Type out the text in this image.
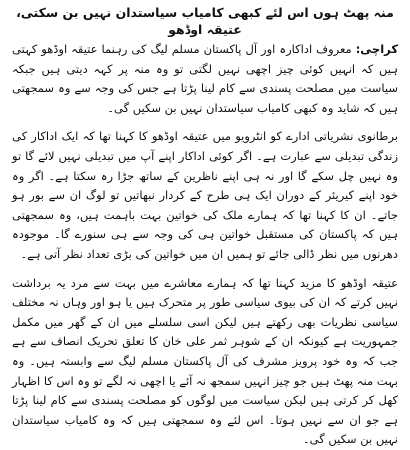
منہ پھٹ ہوں اس لئے کبھی کامیاب سیاستدان نہیں بن سکتی، عتیقہ اوڈھو

کراچی: معروف اداکارہ اور آل پاکستان مسلم لیگ کی رہنما عتیقہ اوڈھو کہتی ہیں کہ انہیں کوئی چیز اچھی نہیں لگتی تو وہ منہ پر کہہ دیتی ہیں جبکہ سیاست میں مصلحت پسندی سے کام لینا پڑتا ہے جس کی وجہ سے وہ سمجھتی ہیں کہ شاید وہ کبھی کامیاب سیاستدان نہیں بن سکیں گی۔

برطانوی نشریاتی ادارے کو انٹرویو میں عتیقہ اوڈھو کا کہنا تھا کہ ایک اداکار کی زندگی تبدیلی سے عبارت ہے۔ اگر کوئی اداکار اپنے آپ میں تبدیلی نہیں لائے گا تو وہ نہیں چل سکے گا اور نہ ہی اپنے ناظرین کے ساتھ جڑا رہ سکتا ہے۔ اگر وہ خود اپنے کیریئر کے دوران ایک ہی طرح کے کردار نبھاتیں تو لوگ ان سے بور ہو جاتے۔ ان کا کہنا تھا کہ ہمارے ملک کی خواتین بہت باہمت ہیں، وہ سمجھتی ہیں کہ پاکستان کی مستقبل خواتین ہی کی وجہ سے ہی سنورے گا۔ موجودہ دھرنوں میں نظر ڈالی جائے تو ہمیں ان میں خواتین کی بڑی تعداد نظر آتی ہے۔

عتیقہ اوڈھو کا مزید کہنا تھا کہ ہمارے معاشرے میں بہت سے مرد یہ برداشت نہیں کرتے کہ ان کی بیوی سیاسی طور پر متحرک ہیں یا ہو اور وہاں نہ مختلف سیاسی نظریات بھی رکھتے ہیں لیکن اسی سلسلے میں ان کے گھر میں مکمل جمہوریت ہے کیونکہ ان کے شوہر ثمر علی خان کا تعلق تحریک انصاف سے ہے جب کہ وہ خود پرویز مشرف کی آل پاکستان مسلم لیگ سے وابستہ ہیں۔ وہ بہت منہ پھٹ ہیں جو چیز انہیں سمجھ نہ آئے یا اچھی نہ لگے تو وہ اس کا اظہار کھل کر کرتی ہیں لیکن سیاست میں لوگوں کو مصلحت پسندی سے کام لینا پڑتا ہے جو ان سے نہیں ہوتا۔ اس لئے وہ سمجھتی ہیں کہ وہ کامیاب سیاستدان نہیں بن سکیں گی۔
